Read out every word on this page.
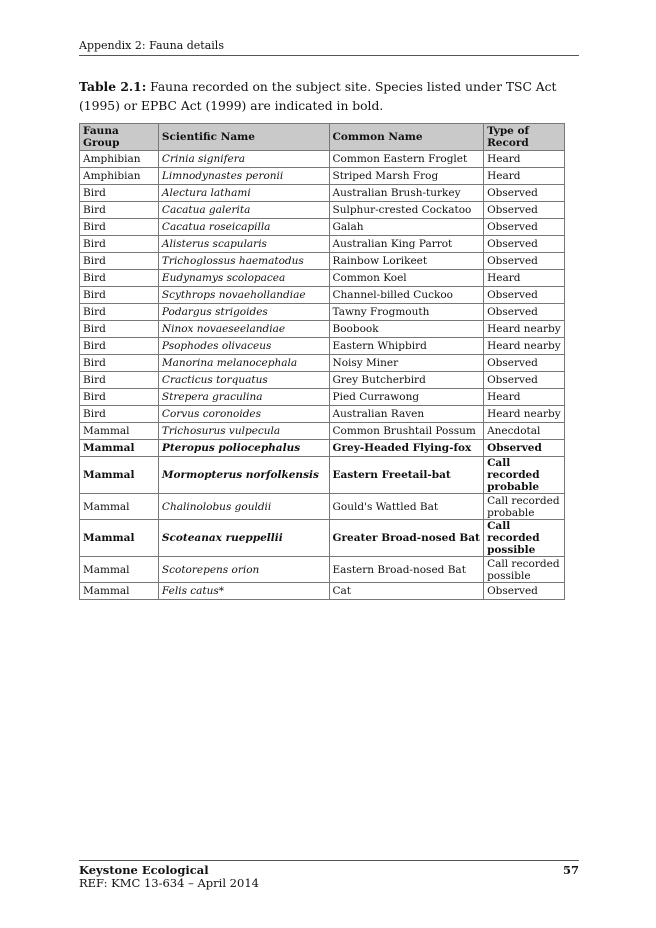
Appendix 2: Fauna details
Table 2.1: Fauna recorded on the subject site. Species listed under TSC Act (1995) or EPBC Act (1999) are indicated in bold.
Fauna Group	Scientific Name	Common Name	Type of Record
Amphibian	Crinia signifera	Common Eastern Froglet	Heard
Amphibian	Limnodynastes peronii	Striped Marsh Frog	Heard
Bird	Alectura lathami	Australian Brush-turkey	Observed
Bird	Cacatua galerita	Sulphur-crested Cockatoo	Observed
Bird	Cacatua roseicapilla	Galah	Observed
Bird	Alisterus scapularis	Australian King Parrot	Observed
Bird	Trichoglossus haematodus	Rainbow Lorikeet	Observed
Bird	Eudynamys scolopacea	Common Koel	Heard
Bird	Scythrops novaehollandiae	Channel-billed Cuckoo	Observed
Bird	Podargus strigoides	Tawny Frogmouth	Observed
Bird	Ninox novaeseelandiae	Boobook	Heard nearby
Bird	Psophodes olivaceus	Eastern Whipbird	Heard nearby
Bird	Manorina melanocephala	Noisy Miner	Observed
Bird	Cracticus torquatus	Grey Butcherbird	Observed
Bird	Strepera graculina	Pied Currawong	Heard
Bird	Corvus coronoides	Australian Raven	Heard nearby
Mammal	Trichosurus vulpecula	Common Brushtail Possum	Anecdotal
Mammal	Pteropus poliocephalus	Grey-Headed Flying-fox	Observed
Mammal	Mormopterus norfolkensis	Eastern Freetail-bat	Call recorded probable
Mammal	Chalinolobus gouldii	Gould's Wattled Bat	Call recorded probable
Mammal	Scoteanax rueppellii	Greater Broad-nosed Bat	Call recorded possible
Mammal	Scotorepens orion	Eastern Broad-nosed Bat	Call recorded possible
Mammal	Felis catus*	Cat	Observed
Keystone Ecological
REF: KMC 13-634 – April 2014
57
